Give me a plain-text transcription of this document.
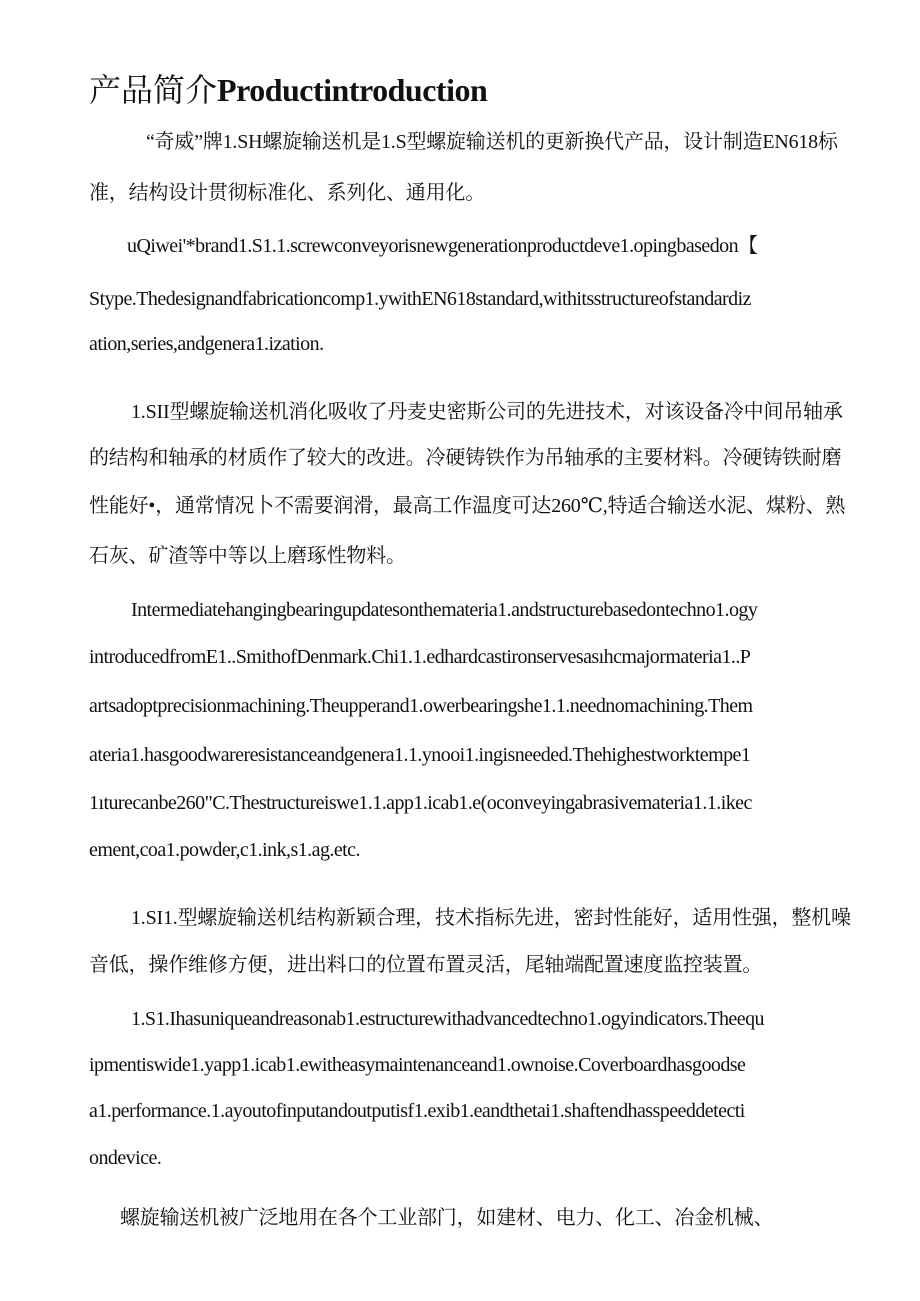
产品简介Productintroduction
“奇威”牌1.SH螺旋输送机是1.S型螺旋输送机的更新换代产品，设计制造EN618标
准，结构设计贯彻标准化、系列化、通用化。
uQiwei'*brand1.S1.1.screwconveyorisnewgenerationproductdeve1.opingbasedon【
Stype.Thedesignandfabricationcomp1.ywithEN618standard,withitsstructureofstandardiz
ation,series,andgenera1.ization.
1.SII型螺旋输送机消化吸收了丹麦史密斯公司的先进技术，对该设备冷中间吊轴承
的结构和轴承的材质作了较大的改进。冷硬铸铁作为吊轴承的主要材料。冷硬铸铁耐磨
性能好•，通常情况卜不需要润滑，最高工作温度可达260℃,特适合输送水泥、煤粉、熟
石灰、矿渣等中等以上磨琢性物料。
Intermediatehangingbearingupdatesonthemateria1.andstructurebasedontechno1.ogy
introducedfromE1..SmithofDenmark.Chi1.1.edhardcastironservesasıhcmajormateria1..P
artsadoptprecisionmachining.Theupperand1.owerbearingshe1.1.neednomachining.Them
ateria1.hasgoodwareresistanceandgenera1.1.ynooi1.ingisneeded.Thehighestworktempe1
1ıturecanbe260"C.Thestructureiswe1.1.app1.icab1.e(oconveyingabrasivemateria1.1.ikec
ement,coa1.powder,c1.ink,s1.ag.etc.
1.SI1.型螺旋输送机结构新颖合理，技术指标先进，密封性能好，适用性强，整机噪
音低，操作维修方便，进出料口的位置布置灵活，尾轴端配置速度监控装置。
1.S1.Ihasuniqueandreasonab1.estructurewithadvancedtechno1.ogyindicators.Theequ
ipmentiswide1.yapp1.icab1.ewitheasymaintenanceand1.ownoise.Coverboardhasgoodse
a1.performance.1.ayoutofinputandoutputisf1.exib1.eandthetai1.shaftendhasspeeddetecti
ondevice.
螺旋输送机被广泛地用在各个工业部门，如建材、电力、化工、冶金机械、
